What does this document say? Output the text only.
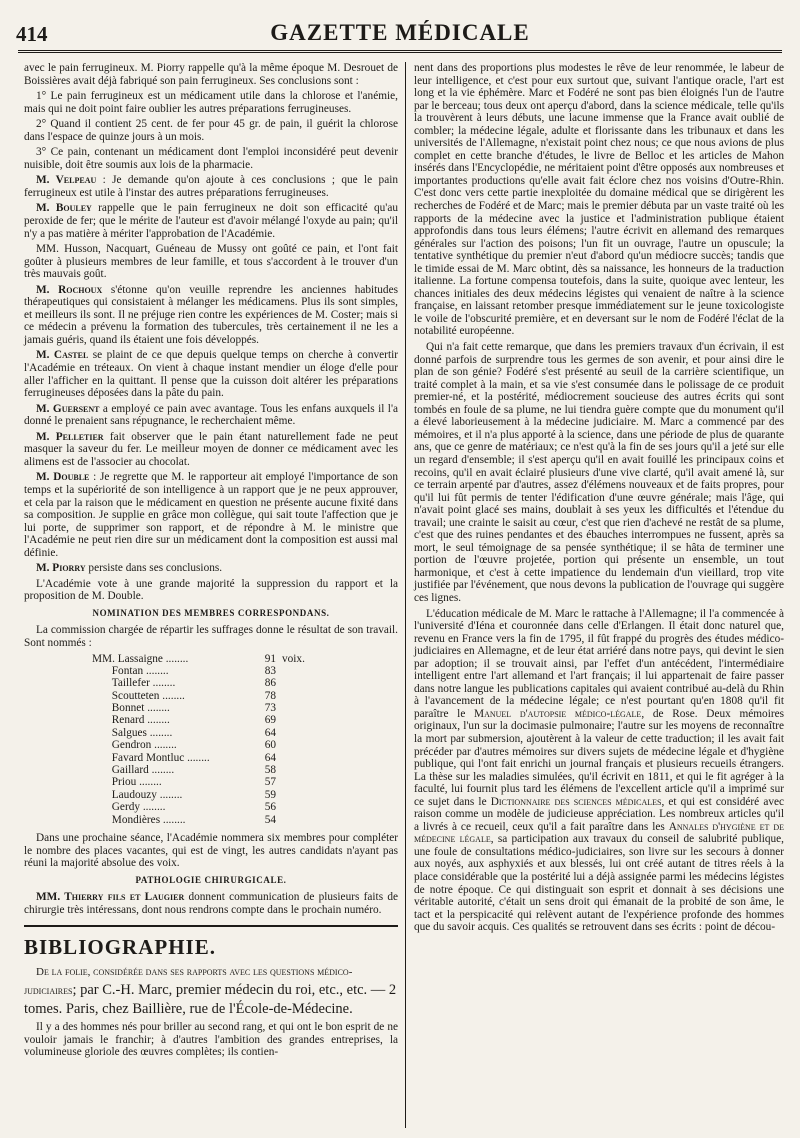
414	GAZETTE MÉDICALE

avec le pain ferrugineux. M. Piorry rappelle qu'à la même époque M. Desrouet de Boissières avait déjà fabriqué son pain ferrugineux. Ses conclusions sont :

1° Le pain ferrugineux est un médicament utile dans la chlorose et l'anémie, mais qui ne doit point faire oublier les autres préparations ferrugineuses.

2° Quand il contient 25 cent. de fer pour 45 gr. de pain, il guérit la chlorose dans l'espace de quinze jours à un mois.

3° Ce pain, contenant un médicament dont l'emploi inconsidéré peut devenir nuisible, doit être soumis aux lois de la pharmacie.

M. Velpeau : Je demande qu'on ajoute à ces conclusions ; que le pain ferrugineux est utile à l'instar des autres préparations ferrugineuses.

M. Bouley rappelle que le pain ferrugineux ne doit son efficacité qu'au peroxide de fer; que le mérite de l'auteur est d'avoir mélangé l'oxyde au pain; qu'il n'y a pas matière à mériter l'approbation de l'Académie.

MM. Husson, Nacquart, Guéneau de Mussy ont goûté ce pain, et l'ont fait goûter à plusieurs membres de leur famille, et tous s'accordent à le trouver d'un très mauvais goût.

M. Rochoux s'étonne qu'on veuille reprendre les anciennes habitudes thérapeutiques qui consistaient à mélanger les médicamens. Plus ils sont simples, et meilleurs ils sont. Il ne préjuge rien contre les expériences de M. Coster; mais si ce médecin a prévenu la formation des tubercules, très certainement il ne les a jamais guéris, quand ils étaient une fois développés.

M. Castel se plaint de ce que depuis quelque temps on cherche à convertir l'Académie en tréteaux. On vient à chaque instant mendier un éloge d'elle pour aller l'afficher en la quittant. Il pense que la cuisson doit altérer les préparations ferrugineuses déposées dans la pâte du pain.

M. Guersent a employé ce pain avec avantage. Tous les enfans auxquels il l'a donné le prenaient sans répugnance, le recherchaient même.

M. Pelletier fait observer que le pain étant naturellement fade ne peut masquer la saveur du fer. Le meilleur moyen de donner ce médicament avec les alimens est de l'associer au chocolat.

M. Double : Je regrette que M. le rapporteur ait employé l'importance de son temps et la supériorité de son intelligence à un rapport que je ne peux approuver, et cela par la raison que le médicament en question ne présente aucune fixité dans sa composition. Je supplie en grâce mon collègue, qui sait toute l'affection que je lui porte, de supprimer son rapport, et de répondre à M. le ministre que l'Académie ne peut rien dire sur un médicament dont la composition est aussi mal définie.

M. Piorry persiste dans ses conclusions.

L'Académie vote à une grande majorité la suppression du rapport et la proposition de M. Double.

NOMINATION DES MEMBRES CORRESPONDANS.

La commission chargée de répartir les suffrages donne le résultat de son travail. Sont nommés :

MM. Lassaigne ........	91 voix.
Fontan ........	83
Taillefer ........	86
Scoutteten ........	78
Bonnet ........	73
Renard ........	69
Salgues ........	64
Gendron ........	60
Favard Montluc ........	64
Gaillard ........	58
Priou ........	57
Laudouzy ........	59
Gerdy ........	56
Mondières ........	54

Dans une prochaine séance, l'Académie nommera six membres pour compléter le nombre des places vacantes, qui est de vingt, les autres candidats n'ayant pas réuni la majorité absolue des voix.

PATHOLOGIE CHIRURGICALE.

MM. Thierry fils et Laugier donnent communication de plusieurs faits de chirurgie très intéressans, dont nous rendrons compte dans le prochain numéro.

BIBLIOGRAPHIE.

De la folie, considérée dans ses rapports avec les questions médico-judiciaires; par C.-H. Marc, premier médecin du roi, etc., etc. — 2 tomes. Paris, chez Baillière, rue de l'École-de-Médecine.

Il y a des hommes nés pour briller au second rang, et qui ont le bon esprit de ne vouloir jamais le franchir; à d'autres l'ambition des grandes entreprises, la volumineuse gloriole des œuvres complètes; ils contien-

nent dans des proportions plus modestes le rêve de leur renommée, le labeur de leur intelligence, et c'est pour eux surtout que, suivant l'antique oracle, l'art est long et la vie éphémère. Marc et Fodéré ne sont pas bien éloignés l'un de l'autre par le berceau; tous deux ont aperçu d'abord, dans la science médicale, telle qu'ils la trouvèrent à leurs débuts, une lacune immense que la France avait oublié de combler; la médecine légale, adulte et florissante dans les tribunaux et dans les universités de l'Allemagne, n'existait point chez nous; ce que nous avions de plus complet en cette branche d'études, le livre de Belloc et les articles de Mahon insérés dans l'Encyclopédie, ne méritaient point d'être opposés aux nombreuses et importantes productions qu'elle avait fait éclore chez nos voisins d'Outre-Rhin. C'est donc vers cette partie inexploitée du domaine médical que se dirigèrent les recherches de Fodéré et de Marc; mais le premier débuta par un vaste traité où les rapports de la médecine avec la justice et l'administration publique étaient approfondis dans tous leurs élémens; l'autre écrivit en allemand des remarques générales sur l'action des poisons; l'un fit un ouvrage, l'autre un opuscule; la tentative synthétique du premier n'eut d'abord qu'un médiocre succès; tandis que le timide essai de M. Marc obtint, dès sa naissance, les honneurs de la traduction italienne. La fortune compensa toutefois, dans la suite, quoique avec lenteur, les chances initiales des deux médecins légistes qui venaient de naître à la science française, en laissant retomber presque immédiatement sur le jeune toxicologiste le voile de l'obscurité première, et en deversant sur le nom de Fodéré l'éclat de la notabilité européenne.

Qui n'a fait cette remarque, que dans les premiers travaux d'un écrivain, il est donné parfois de surprendre tous les germes de son avenir, et pour ainsi dire le plan de son génie? Fodéré s'est présenté au seuil de la carrière scientifique, un traité complet à la main, et sa vie s'est consumée dans le polissage de ce produit premier-né, et la postérité, médiocrement soucieuse des autres écrits qui sont tombés en foule de sa plume, ne lui tiendra guère compte que du monument qu'il a élevé laborieusement à la médecine judiciaire. M. Marc a commencé par des mémoires, et il n'a plus apporté à la science, dans une période de plus de quarante ans, que ce genre de matériaux; ce n'est qu'à la fin de ses jours qu'il a jeté sur elle un regard d'ensemble; il s'est aperçu qu'il en avait fouillé les principaux coins et recoins, qu'il en avait éclairé plusieurs d'une vive clarté, qu'il avait amené là, sur ce terrain arpenté par d'autres, assez d'élémens nouveaux et de faits propres, pour qu'il lui fût permis de tenter l'édification d'une œuvre générale; mais l'âge, qui n'avait point glacé ses mains, doublait à ses yeux les difficultés et l'étendue du travail; une crainte le saisit au cœur, c'est que rien d'achevé ne restât de sa plume, c'est que des ruines pendantes et des ébauches interrompues ne fussent, après sa mort, le seul témoignage de sa pensée synthétique; il se hâta de terminer une portion de l'œuvre projetée, portion qui présente un ensemble, un tout harmonique, et c'est à cette impatience du lendemain d'un vieillard, trop vite justifiée par l'événement, que nous devons la publication de l'ouvrage qui suggère ces lignes.

L'éducation médicale de M. Marc le rattache à l'Allemagne; il l'a commencée à l'université d'Iéna et couronnée dans celle d'Erlangen. Il était donc naturel que, revenu en France vers la fin de 1795, il fût frappé du progrès des études médico-judiciaires en Allemagne, et de leur état arriéré dans notre pays, qui devint le sien par adoption; il se trouvait ainsi, par l'effet d'un antécédent, l'intermédiaire intelligent entre l'art allemand et l'art français; il lui appartenait de faire passer dans notre langue les publications capitales qui avaient contribué au-delà du Rhin à l'avancement de la médecine légale; ce n'est pourtant qu'en 1808 qu'il fit paraître le Manuel d'autopsie médico-légale, de Rose. Deux mémoires originaux, l'un sur la docimasie pulmonaire; l'autre sur les moyens de reconnaître la mort par submersion, ajoutèrent à la valeur de cette traduction; il les avait fait précéder par d'autres mémoires sur divers sujets de médecine légale et d'hygiène publique, qui l'ont fait enrichi un journal français et plusieurs recueils étrangers. La thèse sur les maladies simulées, qu'il écrivit en 1811, et qui le fit agréger à la faculté, lui fournit plus tard les élémens de l'excellent article qu'il a imprimé sur ce sujet dans le Dictionnaire des sciences médicales, et qui est considéré avec raison comme un modèle de judicieuse appréciation. Les nombreux articles qu'il a livrés à ce recueil, ceux qu'il a fait paraître dans les Annales d'hygiène et de médecine légale, sa participation aux travaux du conseil de salubrité publique, une foule de consultations médico-judiciaires, son livre sur les secours à donner aux noyés, aux asphyxiés et aux blessés, lui ont créé autant de titres réels à la place considérable que la postérité lui a déjà assignée parmi les médecins légistes de notre époque. Ce qui distinguait son esprit et donnait à ses décisions une véritable autorité, c'était un sens droit qui émanait de la probité de son âme, le tact et la perspicacité qui relèvent autant de l'expérience profonde des hommes que du savoir acquis. Ces qualités se retrouvent dans ses écrits : point de décou-
